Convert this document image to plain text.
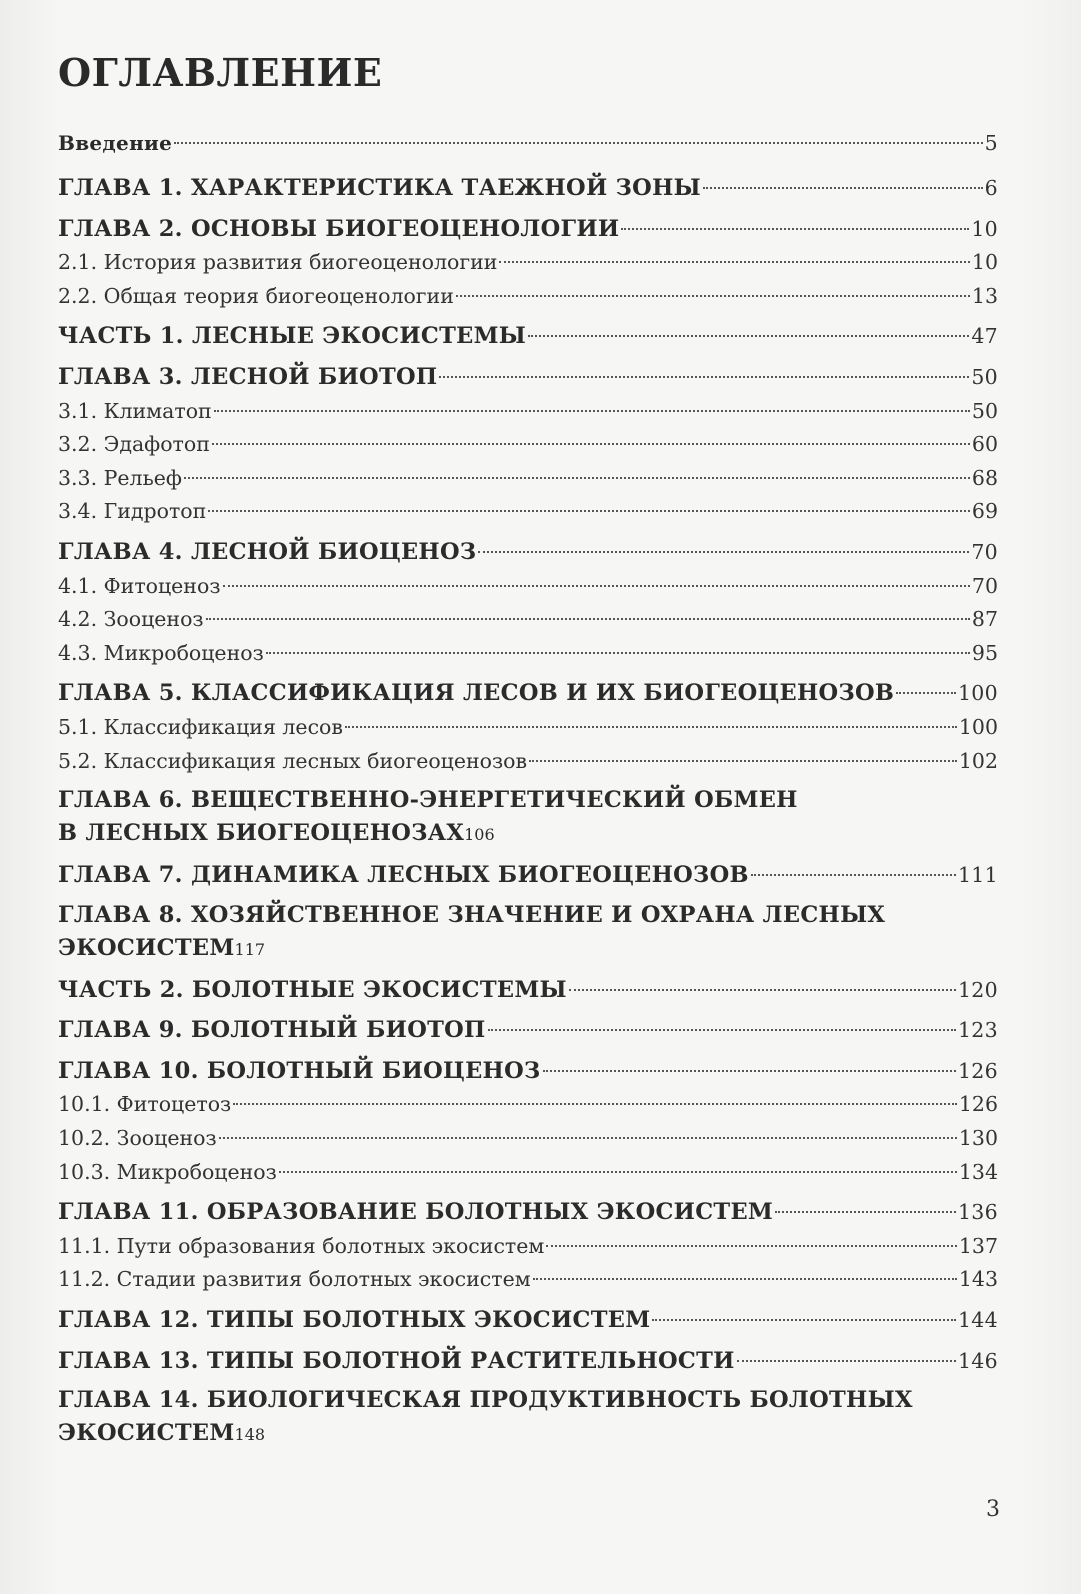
ОГЛАВЛЕНИЕ
Введение	5
ГЛАВА 1. ХАРАКТЕРИСТИКА ТАЕЖНОЙ ЗОНЫ	6
ГЛАВА 2. ОСНОВЫ БИОГЕОЦЕНОЛОГИИ	10
2.1. История развития биогеоценологии	10
2.2. Общая теория биогеоценологии	13
ЧАСТЬ 1. ЛЕСНЫЕ ЭКОСИСТЕМЫ	47
ГЛАВА 3. ЛЕСНОЙ БИОТОП	50
3.1. Климатоп	50
3.2. Эдафотоп	60
3.3. Рельеф	68
3.4. Гидротоп	69
ГЛАВА 4. ЛЕСНОЙ БИОЦЕНОЗ	70
4.1. Фитоценоз	70
4.2. Зооценоз	87
4.3. Микробоценоз	95
ГЛАВА 5. КЛАССИФИКАЦИЯ ЛЕСОВ И ИХ БИОГЕОЦЕНОЗОВ	100
5.1. Классификация лесов	100
5.2. Классификация лесных биогеоценозов	102
ГЛАВА 6. ВЕЩЕСТВЕННО-ЭНЕРГЕТИЧЕСКИЙ ОБМЕН
В ЛЕСНЫХ БИОГЕОЦЕНОЗАХ 106
ГЛАВА 7. ДИНАМИКА ЛЕСНЫХ БИОГЕОЦЕНОЗОВ	111
ГЛАВА 8. ХОЗЯЙСТВЕННОЕ ЗНАЧЕНИЕ И ОХРАНА ЛЕСНЫХ
ЭКОСИСТЕМ 117
ЧАСТЬ 2. БОЛОТНЫЕ ЭКОСИСТЕМЫ	120
ГЛАВА 9. БОЛОТНЫЙ БИОТОП	123
ГЛАВА 10. БОЛОТНЫЙ БИОЦЕНОЗ	126
10.1. Фитоцетоз	126
10.2. Зооценоз	130
10.3. Микробоценоз	134
ГЛАВА 11. ОБРАЗОВАНИЕ БОЛОТНЫХ ЭКОСИСТЕМ	136
11.1. Пути образования болотных экосистем	137
11.2. Стадии развития болотных экосистем	143
ГЛАВА 12. ТИПЫ БОЛОТНЫХ ЭКОСИСТЕМ	144
ГЛАВА 13. ТИПЫ БОЛОТНОЙ РАСТИТЕЛЬНОСТИ	146
ГЛАВА 14. БИОЛОГИЧЕСКАЯ ПРОДУКТИВНОСТЬ БОЛОТНЫХ
ЭКОСИСТЕМ 148
3
